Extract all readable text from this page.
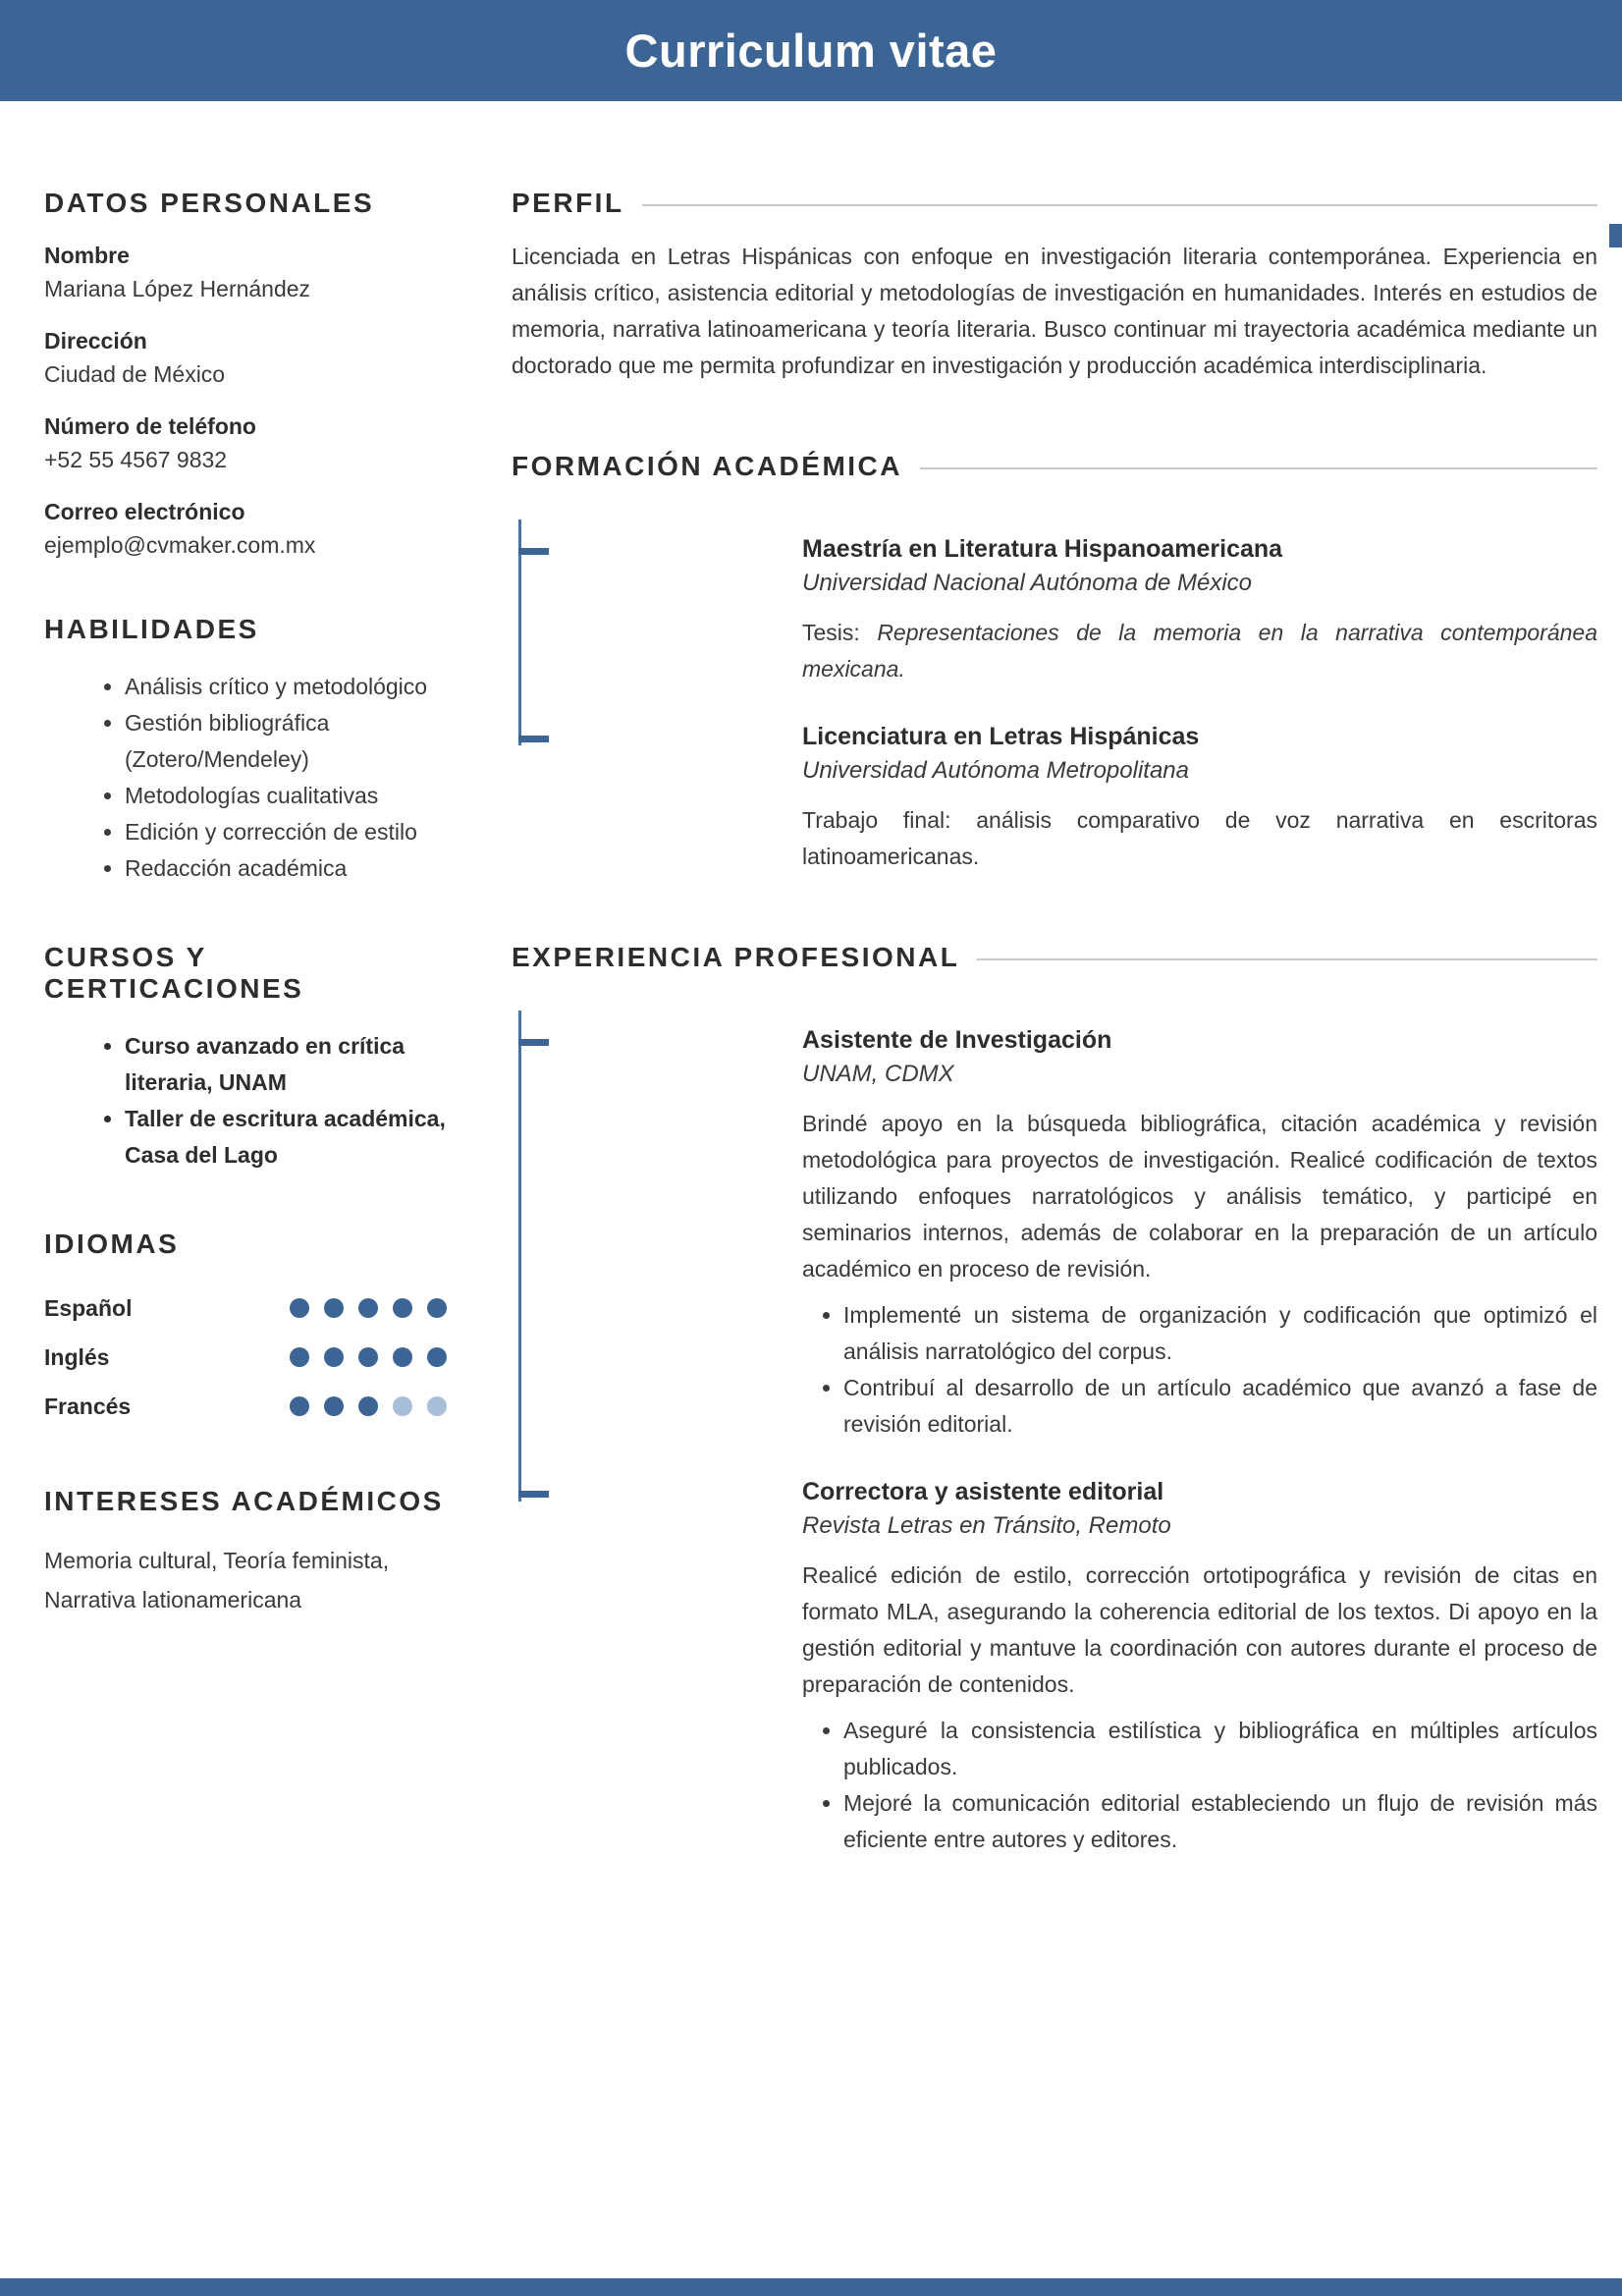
Curriculum vitae
DATOS PERSONALES
Nombre
Mariana López Hernández
Dirección
Ciudad de México
Número de teléfono
+52 55 4567 9832
Correo electrónico
ejemplo@cvmaker.com.mx
HABILIDADES
• Análisis crítico y metodológico
• Gestión bibliográfica (Zotero/Mendeley)
• Metodologías cualitativas
• Edición y corrección de estilo
• Redacción académica
CURSOS Y CERTICACIONES
• Curso avanzado en crítica literaria, UNAM
• Taller de escritura académica, Casa del Lago
IDIOMAS
Español
Inglés
Francés
INTERESES ACADÉMICOS

Memoria cultural, Teoría feminista, Narrativa lationamericana

PERFIL

Licenciada en Letras Hispánicas con enfoque en investigación literaria contemporánea. Experiencia en análisis crítico, asistencia editorial y metodologías de investigación en humanidades. Interés en estudios de memoria, narrativa latinoamericana y teoría literaria. Busco continuar mi trayectoria académica mediante un doctorado que me permita profundizar en investigación y producción académica interdisciplinaria.

FORMACIÓN ACADÉMICA
Maestría en Literatura Hispanoamericana
Universidad Nacional Autónoma de México

Tesis: Representaciones de la memoria en la narrativa contemporánea mexicana.

Licenciatura en Letras Hispánicas
Universidad Autónoma Metropolitana

Trabajo final: análisis comparativo de voz narrativa en escritoras latinoamericanas.

EXPERIENCIA PROFESIONAL
Asistente de Investigación
UNAM, CDMX

Brindé apoyo en la búsqueda bibliográfica, citación académica y revisión metodológica para proyectos de investigación. Realicé codificación de textos utilizando enfoques narratológicos y análisis temático, y participé en seminarios internos, además de colaborar en la preparación de un artículo académico en proceso de revisión.

• Implementé un sistema de organización y codificación que optimizó el análisis narratológico del corpus.
• Contribuí al desarrollo de un artículo académico que avanzó a fase de revisión editorial.
Correctora y asistente editorial
Revista Letras en Tránsito, Remoto

Realicé edición de estilo, corrección ortotipográfica y revisión de citas en formato MLA, asegurando la coherencia editorial de los textos. Di apoyo en la gestión editorial y mantuve la coordinación con autores durante el proceso de preparación de contenidos.

• Aseguré la consistencia estilística y bibliográfica en múltiples artículos publicados.
• Mejoré la comunicación editorial estableciendo un flujo de revisión más eficiente entre autores y editores.
